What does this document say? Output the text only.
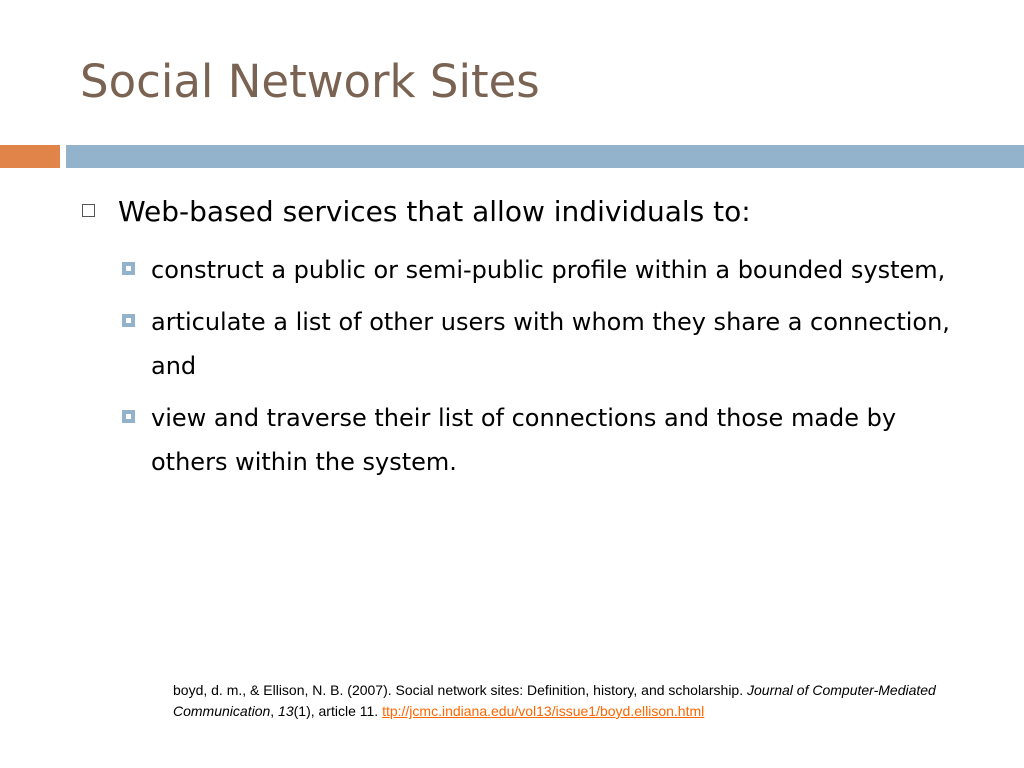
Social Network Sites
Web-based services that allow individuals to:
construct a public or semi-public profile within a bounded system,
articulate a list of other users with whom they share a connection, and
view and traverse their list of connections and those made by others within the system.
boyd, d. m., & Ellison, N. B. (2007). Social network sites: Definition, history, and scholarship. Journal of Computer-Mediated Communication, 13(1), article 11. ttp://jcmc.indiana.edu/vol13/issue1/boyd.ellison.html
